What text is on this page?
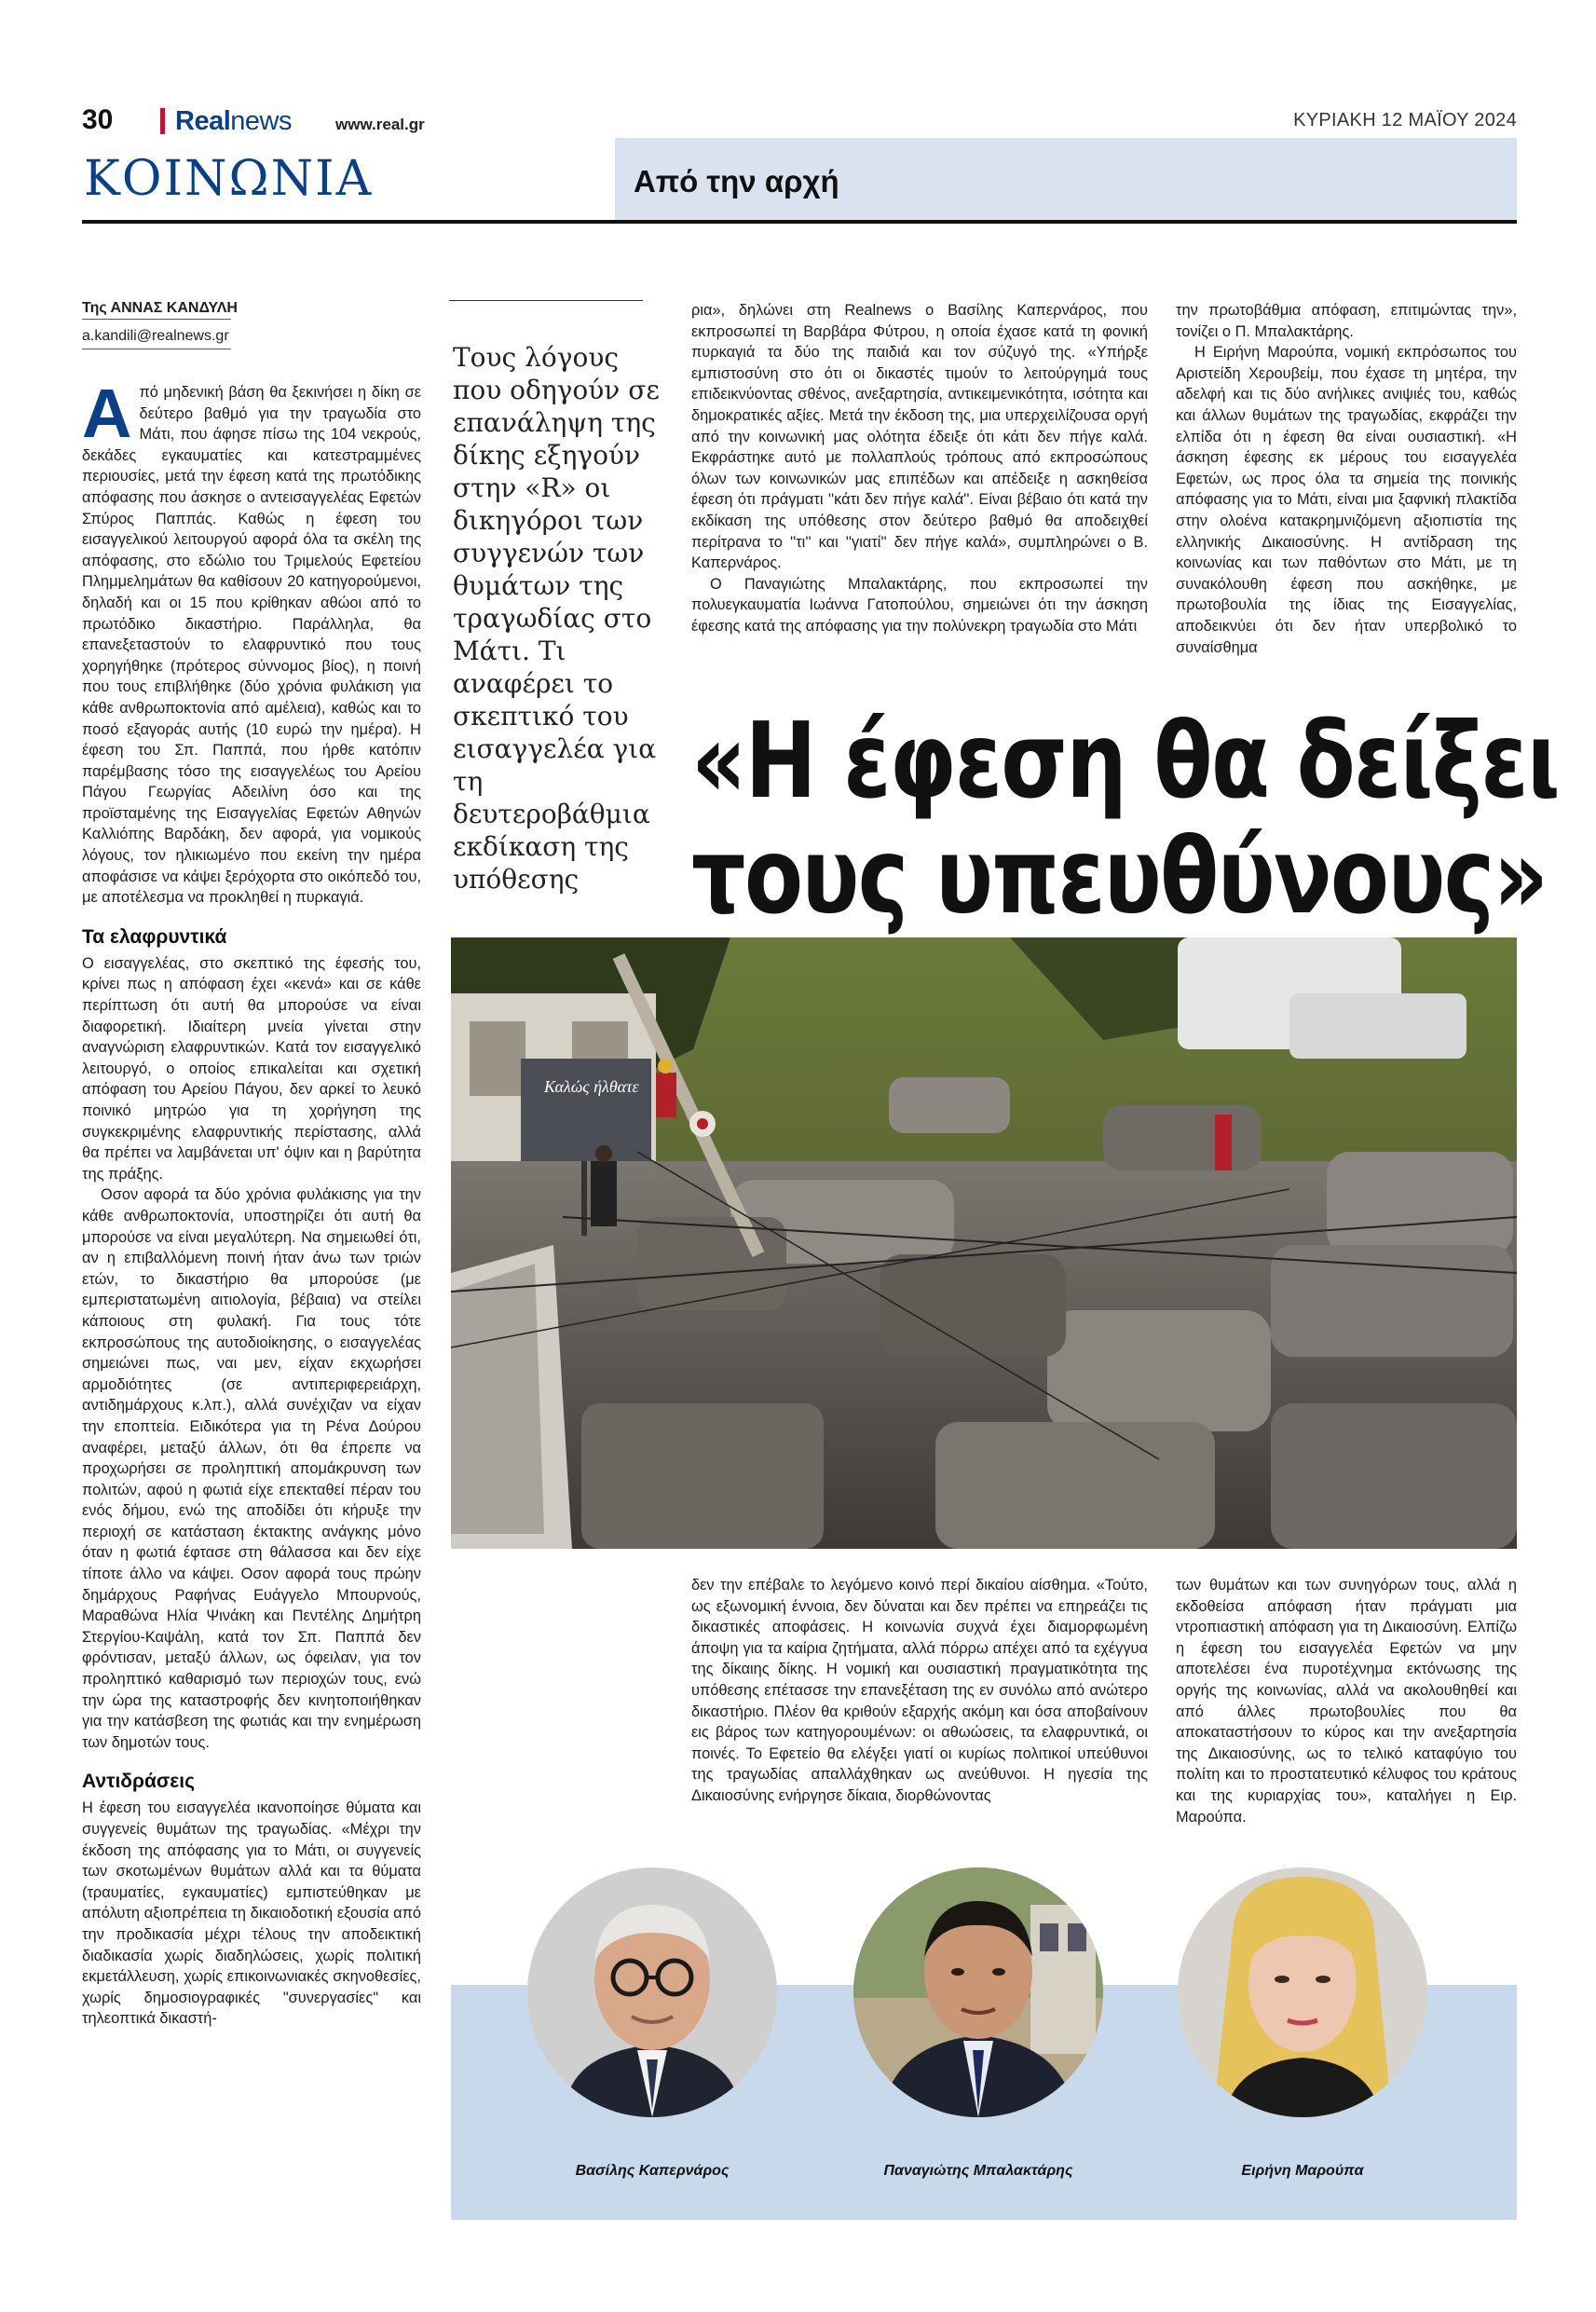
30 Realnews	www.real.gr	ΚΥΡΙΑΚΗ 12 ΜΑΪΟΥ 2024
ΚΟΙΝΩΝΙΑ	Από την αρχή
Της ΑΝΝΑΣ ΚΑΝΔΥΛΗ
a.kandili@realnews.gr

Από μηδενική βάση θα ξεκινήσει η δίκη σε δεύτερο βαθμό για την τραγωδία στο Μάτι, που άφησε πίσω της 104 νεκρούς, δεκάδες εγκαυματίες και κατεστραμμένες περιουσίες, μετά την έφεση κατά της πρωτόδικης απόφασης που άσκησε ο αντεισαγγελέας Εφετών Σπύρος Παππάς. Καθώς η έφεση του εισαγγελικού λειτουργού αφορά όλα τα σκέλη της απόφασης, στο εδώλιο του Τριμελούς Εφετείου Πλημμελημάτων θα καθίσουν 20 κατηγορούμενοι, δηλαδή και οι 15 που κρίθηκαν αθώοι από το πρωτόδικο δικαστήριο. Παράλληλα, θα επανεξεταστούν το ελαφρυντικό που τους χορηγήθηκε (πρότερος σύννομος βίος), η ποινή που τους επιβλήθηκε (δύο χρόνια φυλάκιση για κάθε ανθρωποκτονία από αμέλεια), καθώς και το ποσό εξαγοράς αυτής (10 ευρώ την ημέρα). Η έφεση του Σπ. Παππά, που ήρθε κατόπιν παρέμβασης τόσο της εισαγγελέως του Αρείου Πάγου Γεωργίας Αδειλίνη όσο και της προϊσταμένης της Εισαγγελίας Εφετών Αθηνών Καλλιόπης Βαρδάκη, δεν αφορά, για νομικούς λόγους, τον ηλικιωμένο που εκείνη την ημέρα αποφάσισε να κάψει ξερόχορτα στο οικόπεδό του, με αποτέλεσμα να προκληθεί η πυρκαγιά.

Τα ελαφρυντικά

Ο εισαγγελέας, στο σκεπτικό της έφεσής του, κρίνει πως η απόφαση έχει «κενά» και σε κάθε περίπτωση ότι αυτή θα μπορούσε να είναι διαφορετική. Ιδιαίτερη μνεία γίνεται στην αναγνώριση ελαφρυντικών. Κατά τον εισαγγελικό λειτουργό, ο οποίος επικαλείται και σχετική απόφαση του Αρείου Πάγου, δεν αρκεί το λευκό ποινικό μητρώο για τη χορήγηση της συγκεκριμένης ελαφρυντικής περίστασης, αλλά θα πρέπει να λαμβάνεται υπ' όψιν και η βαρύτητα της πράξης.

Οσον αφορά τα δύο χρόνια φυλάκισης για την κάθε ανθρωποκτονία, υποστηρίζει ότι αυτή θα μπορούσε να είναι μεγαλύτερη. Να σημειωθεί ότι, αν η επιβαλλόμενη ποινή ήταν άνω των τριών ετών, το δικαστήριο θα μπορούσε (με εμπεριστατωμένη αιτιολογία, βέβαια) να στείλει κάποιους στη φυλακή. Για τους τότε εκπροσώπους της αυτοδιοίκησης, ο εισαγγελέας σημειώνει πως, ναι μεν, είχαν εκχωρήσει αρμοδιότητες (σε αντιπεριφερειάρχη, αντιδημάρχους κ.λπ.), αλλά συνέχιζαν να είχαν την εποπτεία. Ειδικότερα για τη Ρένα Δούρου αναφέρει, μεταξύ άλλων, ότι θα έπρεπε να προχωρήσει σε προληπτική απομάκρυνση των πολιτών, αφού η φωτιά είχε επεκταθεί πέραν του ενός δήμου, ενώ της αποδίδει ότι κήρυξε την περιοχή σε κατάσταση έκτακτης ανάγκης μόνο όταν η φωτιά έφτασε στη θάλασσα και δεν είχε τίποτε άλλο να κάψει. Οσον αφορά τους πρώην δημάρχους Ραφήνας Ευάγγελο Μπουρνούς, Μαραθώνα Ηλία Ψινάκη και Πεντέλης Δημήτρη Στεργίου-Καψάλη, κατά τον Σπ. Παππά δεν φρόντισαν, μεταξύ άλλων, ως όφειλαν, για τον προληπτικό καθαρισμό των περιοχών τους, ενώ την ώρα της καταστροφής δεν κινητοποιήθηκαν για την κατάσβεση της φωτιάς και την ενημέρωση των δημοτών τους.

Αντιδράσεις

Η έφεση του εισαγγελέα ικανοποίησε θύματα και συγγενείς θυμάτων της τραγωδίας. «Μέχρι την έκδοση της απόφασης για το Μάτι, οι συγγενείς των σκοτωμένων θυμάτων αλλά και τα θύματα (τραυματίες, εγκαυματίες) εμπιστεύθηκαν με απόλυτη αξιοπρέπεια τη δικαιοδοτική εξουσία από την προδικασία μέχρι τέλους την αποδεικτική διαδικασία χωρίς διαδηλώσεις, χωρίς πολιτική εκμετάλλευση, χωρίς επικοινωνιακές σκηνοθεσίες, χωρίς δημοσιογραφικές "συνεργασίες" και τηλεοπτικά δικαστή-

Τους λόγους που οδηγούν σε επανάληψη της δίκης εξηγούν στην «R» οι δικηγόροι των συγγενών των θυμάτων της τραγωδίας στο Μάτι. Τι αναφέρει το σκεπτικό του εισαγγελέα για τη δευτεροβάθμια εκδίκαση της υπόθεσης

ρια», δηλώνει στη Realnews ο Βασίλης Καπερνάρος, που εκπροσωπεί τη Βαρβάρα Φύτρου, η οποία έχασε κατά τη φονική πυρκαγιά τα δύο της παιδιά και τον σύζυγό της. «Υπήρξε εμπιστοσύνη στο ότι οι δικαστές τιμούν το λειτούργημά τους επιδεικνύοντας σθένος, ανεξαρτησία, αντικειμενικότητα, ισότητα και δημοκρατικές αξίες. Μετά την έκδοση της, μια υπερχειλίζουσα οργή από την κοινωνική μας ολότητα έδειξε ότι κάτι δεν πήγε καλά. Εκφράστηκε αυτό με πολλαπλούς τρόπους από εκπροσώπους όλων των κοινωνικών μας επιπέδων και απέδειξε η ασκηθείσα έφεση ότι πράγματι ''κάτι δεν πήγε καλά''. Είναι βέβαιο ότι κατά την εκδίκαση της υπόθεσης στον δεύτερο βαθμό θα αποδειχθεί περίτρανα το ''τι'' και ''γιατί'' δεν πήγε καλά», συμπληρώνει ο Β. Καπερνάρος.

Ο Παναγιώτης Μπαλακτάρης, που εκπροσωπεί την πολυεγκαυματία Ιωάννα Γατοπούλου, σημειώνει ότι την άσκηση έφεσης κατά της απόφασης για την πολύνεκρη τραγωδία στο Μάτι

την πρωτοβάθμια απόφαση, επιτιμώντας την», τονίζει ο Π. Μπαλακτάρης.

Η Ειρήνη Μαρούπα, νομική εκπρόσωπος του Αριστείδη Χερουβείμ, που έχασε τη μητέρα, την αδελφή και τις δύο ανήλικες ανιψιές του, καθώς και άλλων θυμάτων της τραγωδίας, εκφράζει την ελπίδα ότι η έφεση θα είναι ουσιαστική. «Η άσκηση έφεσης εκ μέρους του εισαγγελέα Εφετών, ως προς όλα τα σημεία της ποινικής απόφασης για το Μάτι, είναι μια ξαφνική πλακτίδα στην ολοένα κατακρημνιζόμενη αξιοπιστία της ελληνικής Δικαιοσύνης. Η αντίδραση της κοινωνίας και των παθόντων στο Μάτι, με τη συνακόλουθη έφεση που ασκήθηκε, με πρωτοβουλία της ίδιας της Εισαγγελίας, αποδεικνύει ότι δεν ήταν υπερβολικό το συναίσθημα

«Η έφεση θα δείξει
τους υπευθύνους»
Καλώς ήλθατε

δεν την επέβαλε το λεγόμενο κοινό περί δικαίου αίσθημα. «Τούτο, ως εξωνομική έννοια, δεν δύναται και δεν πρέπει να επηρεάζει τις δικαστικές αποφάσεις. Η κοινωνία συχνά έχει διαμορφωμένη άποψη για τα καίρια ζητήματα, αλλά πόρρω απέχει από τα εχέγγυα της δίκαιης δίκης. Η νομική και ουσιαστική πραγματικότητα της υπόθεσης επέτασσε την επανεξέταση της εν συνόλω από ανώτερο δικαστήριο. Πλέον θα κριθούν εξαρχής ακόμη και όσα αποβαίνουν εις βάρος των κατηγορουμένων: οι αθωώσεις, τα ελαφρυντικά, οι ποινές. Το Εφετείο θα ελέγξει γιατί οι κυρίως πολιτικοί υπεύθυνοι της τραγωδίας απαλλάχθηκαν ως ανεύθυνοι. Η ηγεσία της Δικαιοσύνης ενήργησε δίκαια, διορθώνοντας

των θυμάτων και των συνηγόρων τους, αλλά η εκδοθείσα απόφαση ήταν πράγματι μια ντροπιαστική απόφαση για τη Δικαιοσύνη. Ελπίζω η έφεση του εισαγγελέα Εφετών να μην αποτελέσει ένα πυροτέχνημα εκτόνωσης της οργής της κοινωνίας, αλλά να ακολουθηθεί και από άλλες πρωτοβουλίες που θα αποκαταστήσουν το κύρος και την ανεξαρτησία της Δικαιοσύνης, ως το τελικό καταφύγιο του πολίτη και το προστατευτικό κέλυφος του κράτους και της κυριαρχίας του», καταλήγει η Ειρ. Μαρούπα.

Βασίλης Καπερνάρος	Παναγιώτης Μπαλακτάρης	Ειρήνη Μαρούπα
